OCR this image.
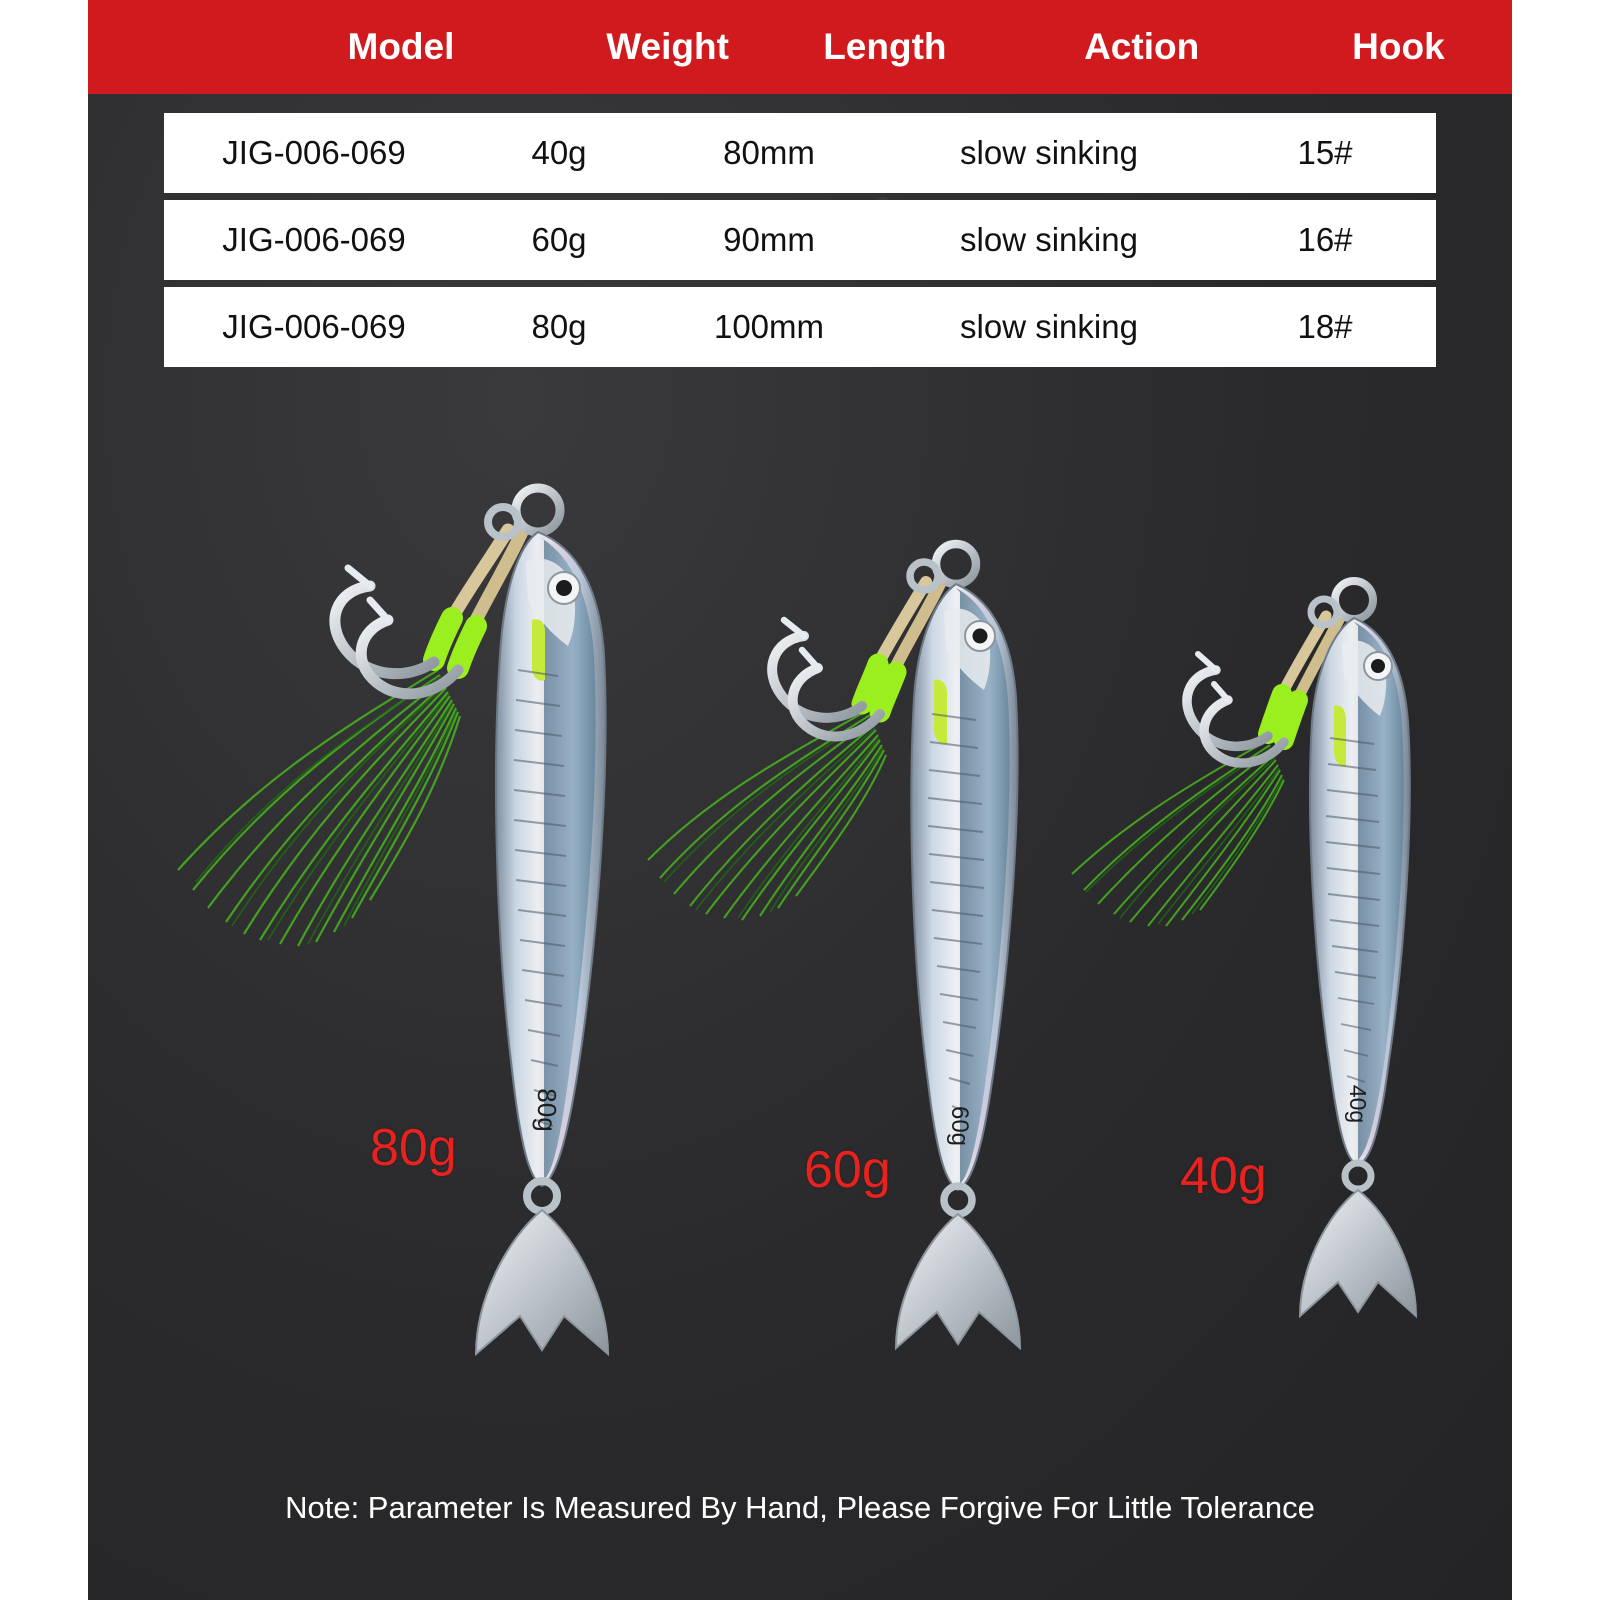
Model	Weight	Length	Action	Hook
JIG-006-069	40g	80mm	slow sinking	15#
JIG-006-069	60g	90mm	slow sinking	16#
JIG-006-069	80g	100mm	slow sinking	18#
80g
80g	60g
60g
40g
40g
Note: Parameter Is Measured By Hand, Please Forgive For Little Tolerance
